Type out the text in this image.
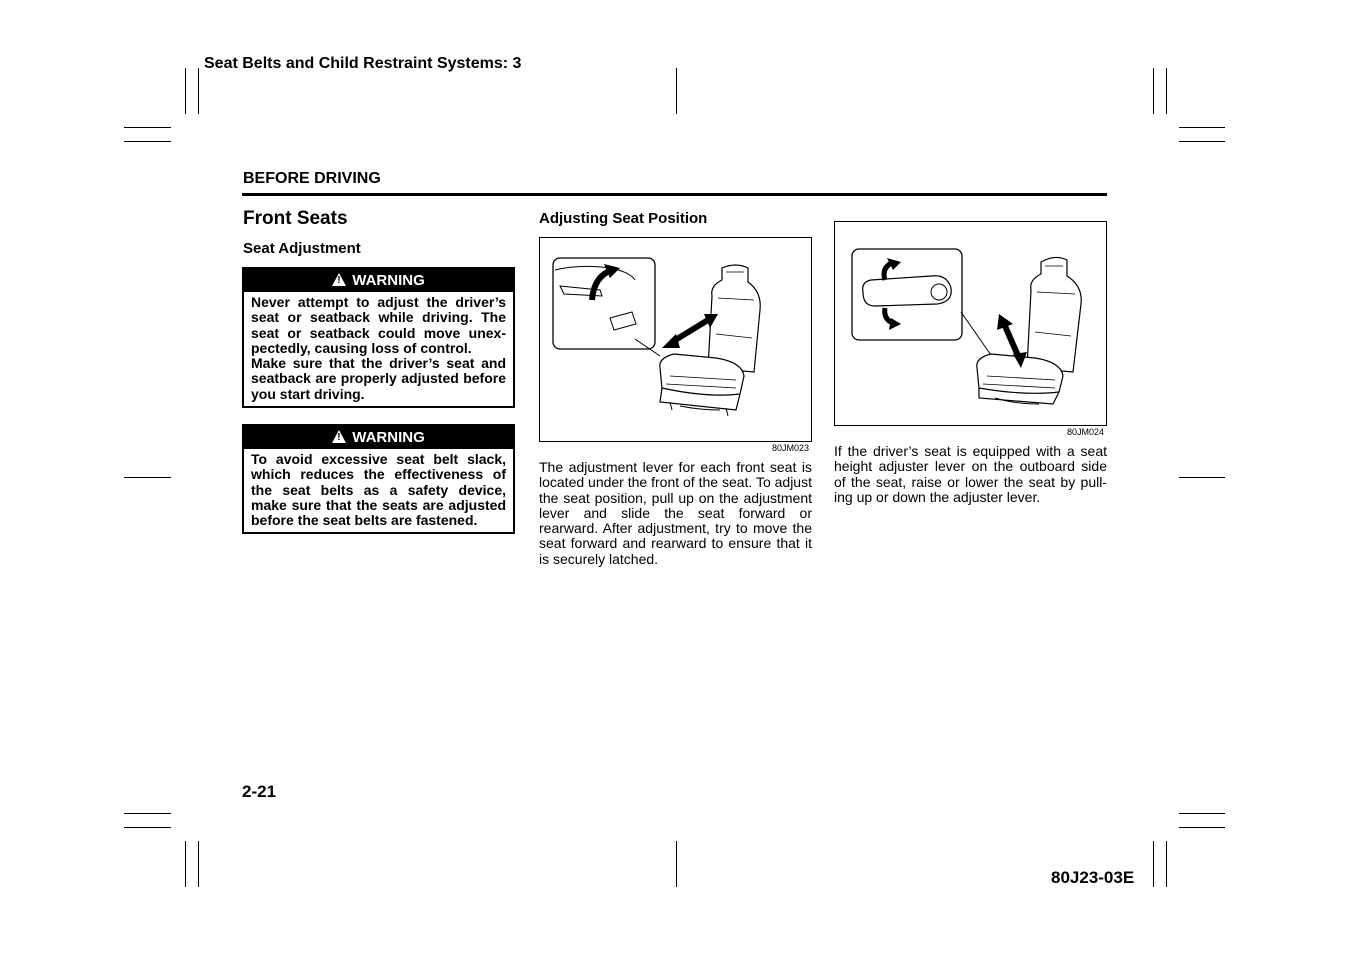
Seat Belts and Child Restraint Systems: 3
BEFORE DRIVING
Front Seats
Seat Adjustment
! WARNING

Never attempt to adjust the driver’s seat or seatback while driving. The seat or seatback could move unex-pectedly, causing loss of control.

Make sure that the driver’s seat and seatback are properly adjusted before you start driving.

! WARNING

To avoid excessive seat belt slack, which reduces the effectiveness of the seat belts as a safety device, make sure that the seats are adjusted before the seat belts are fastened.

Adjusting Seat Position
80JM023
The adjustment lever for each front seat is located under the front of the seat. To adjust the seat position, pull up on the adjustment lever and slide the seat forward or rearward. After adjustment, try to move the seat forward and rearward to ensure that it is securely latched.
80JM024
If the driver’s seat is equipped with a seat height adjuster lever on the outboard side of the seat, raise or lower the seat by pull-ing up or down the adjuster lever.
2-21
80J23-03E
